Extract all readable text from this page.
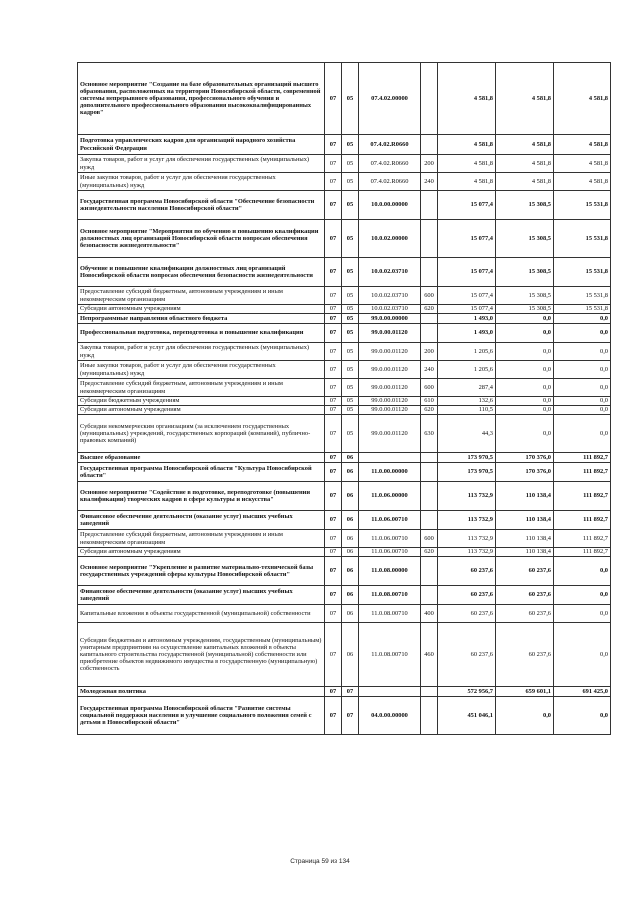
Основное мероприятие "Создание на базе образовательных организаций высшего образования, расположенных на территории Новосибирской области, современной системы непрерывного образования, профессионального обучения и дополнительного профессионального образования высококвалифицированных кадров"	07	05	07.4.02.00000		4 581,8	4 581,8	4 581,8
Подготовка управленческих кадров для организаций народного хозяйства Российской Федерации	07	05	07.4.02.R0660		4 581,8	4 581,8	4 581,8
Закупка товаров, работ и услуг для обеспечения государственных (муниципальных) нужд	07	05	07.4.02.R0660	200	4 581,8	4 581,8	4 581,8
Иные закупки товаров, работ и услуг для обеспечения государственных (муниципальных) нужд	07	05	07.4.02.R0660	240	4 581,8	4 581,8	4 581,8
Государственная программа Новосибирской области "Обеспечение безопасности жизнедеятельности населения Новосибирской области"	07	05	10.0.00.00000		15 077,4	15 308,5	15 531,8
Основное мероприятие "Мероприятия по обучению и повышению квалификации должностных лиц организаций Новосибирской области вопросам обеспечения безопасности жизнедеятельности"	07	05	10.0.02.00000		15 077,4	15 308,5	15 531,8
Обучение и повышение квалификации должностных лиц организаций Новосибирской области вопросам обеспечения безопасности жизнедеятельности	07	05	10.0.02.03710		15 077,4	15 308,5	15 531,8
Предоставление субсидий бюджетным, автономным учреждениям и иным некоммерческим организациям	07	05	10.0.02.03710	600	15 077,4	15 308,5	15 531,8
Субсидии автономным учреждениям	07	05	10.0.02.03710	620	15 077,4	15 308,5	15 531,8
Непрограммные направления областного бюджета	07	05	99.0.00.00000		1 493,0	0,0	0,0
Профессиональная подготовка, переподготовка и повышение квалификации	07	05	99.0.00.01120		1 493,0	0,0	0,0
Закупка товаров, работ и услуг для обеспечения государственных (муниципальных) нужд	07	05	99.0.00.01120	200	1 205,6	0,0	0,0
Иные закупки товаров, работ и услуг для обеспечения государственных (муниципальных) нужд	07	05	99.0.00.01120	240	1 205,6	0,0	0,0
Предоставление субсидий бюджетным, автономным учреждениям и иным некоммерческим организациям	07	05	99.0.00.01120	600	287,4	0,0	0,0
Субсидии бюджетным учреждениям	07	05	99.0.00.01120	610	132,6	0,0	0,0
Субсидии автономным учреждениям	07	05	99.0.00.01120	620	110,5	0,0	0,0
Субсидии некоммерческим организациям (за исключением государственных (муниципальных) учреждений, государственных корпораций (компаний), публично-правовых компаний)	07	05	99.0.00.01120	630	44,3	0,0	0,0
Высшее образование	07	06			173 970,5	170 376,0	111 892,7
Государственная программа Новосибирской области "Культура Новосибирской области"	07	06	11.0.00.00000		173 970,5	170 376,0	111 892,7
Основное мероприятие "Содействие в подготовке, переподготовке (повышении квалификации) творческих кадров в сфере культуры и искусства"	07	06	11.0.06.00000		113 732,9	110 138,4	111 892,7
Финансовое обеспечение деятельности (оказание услуг) высших учебных заведений	07	06	11.0.06.00710		113 732,9	110 138,4	111 892,7
Предоставление субсидий бюджетным, автономным учреждениям и иным некоммерческим организациям	07	06	11.0.06.00710	600	113 732,9	110 138,4	111 892,7
Субсидии автономным учреждениям	07	06	11.0.06.00710	620	113 732,9	110 138,4	111 892,7
Основное мероприятие "Укрепление и развитие материально-технической базы государственных учреждений сферы культуры Новосибирской области"	07	06	11.0.08.00000		60 237,6	60 237,6	0,0
Финансовое обеспечение деятельности (оказание услуг) высших учебных заведений	07	06	11.0.08.00710		60 237,6	60 237,6	0,0
Капитальные вложения в объекты государственной (муниципальной) собственности	07	06	11.0.08.00710	400	60 237,6	60 237,6	0,0
Субсидии бюджетным и автономным учреждениям, государственным (муниципальным) унитарным предприятиям на осуществление капитальных вложений в объекты капитального строительства государственной (муниципальной) собственности или приобретение объектов недвижимого имущества в государственную (муниципальную) собственность	07	06	11.0.08.00710	460	60 237,6	60 237,6	0,0
Молодежная политика	07	07			572 956,7	659 601,1	691 425,0
Государственная программа Новосибирской области "Развитие системы социальной поддержки населения и улучшение социального положения семей с детьми в Новосибирской области"	07	07	04.0.00.00000		451 046,1	0,0	0,0
Страница 59 из 134
